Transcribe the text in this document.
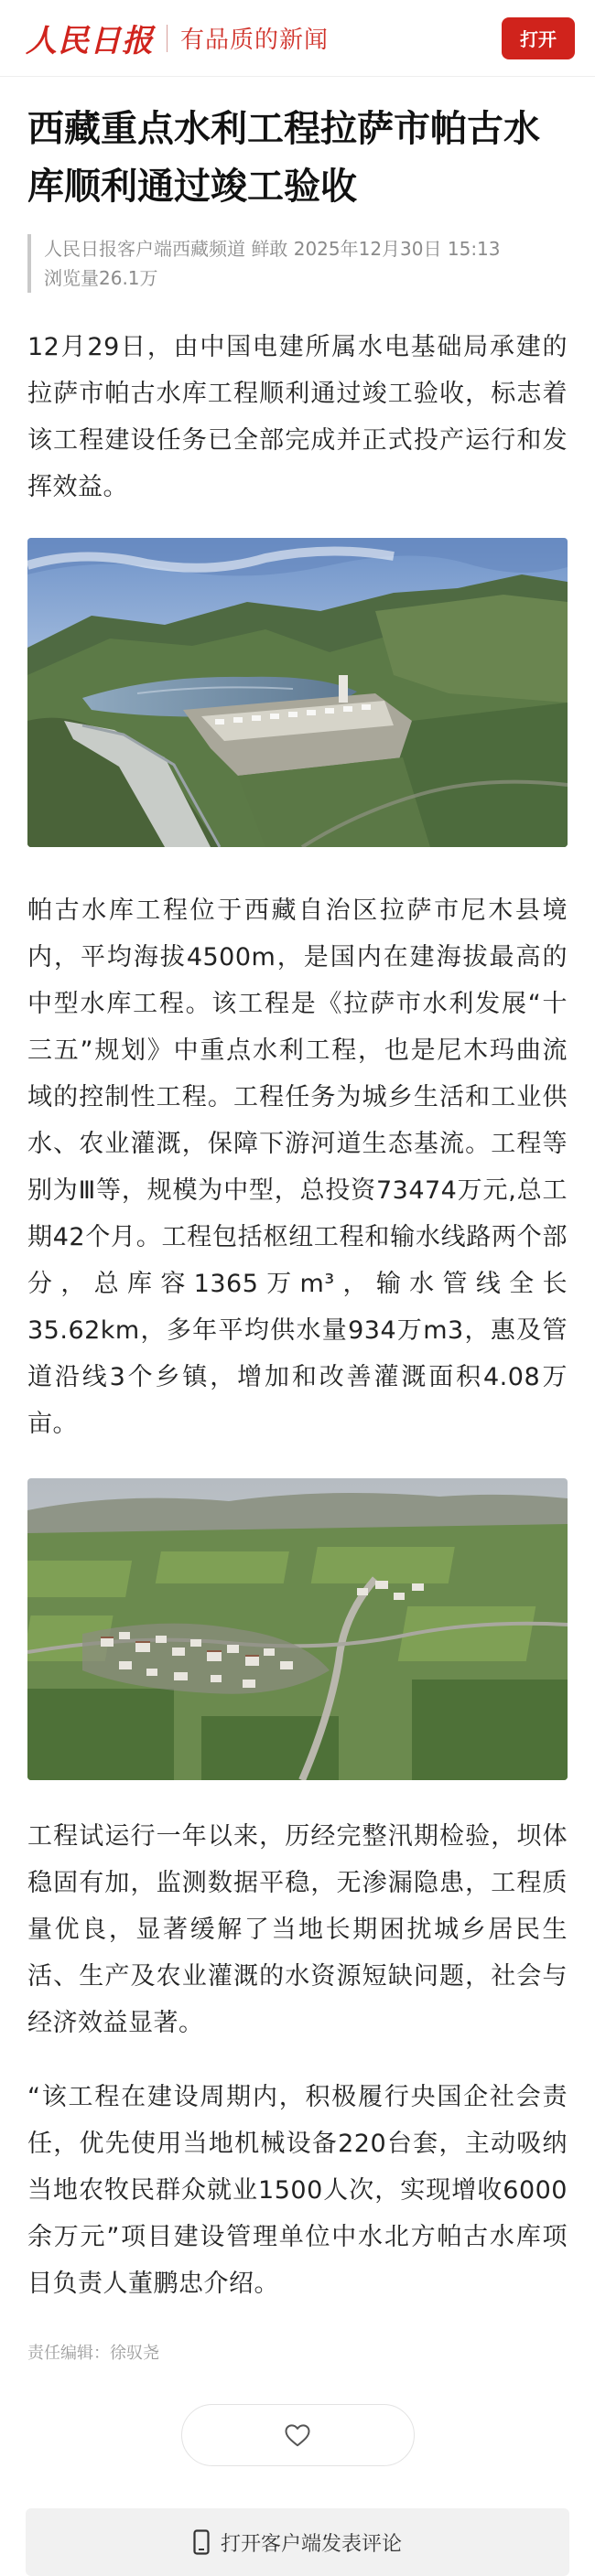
人民日报 有品质的新闻	打开
西藏重点水利工程拉萨市帕古水库顺利通过竣工验收
人民日报客户端西藏频道 鲜敢 2025年12月30日 15:13
浏览量26.1万

12月29日，由中国电建所属水电基础局承建的拉萨市帕古水库工程顺利通过竣工验收，标志着该工程建设任务已全部完成并正式投产运行和发挥效益。

帕古水库工程位于西藏自治区拉萨市尼木县境内，平均海拔4500m，是国内在建海拔最高的中型水库工程。该工程是《拉萨市水利发展“十三五”规划》中重点水利工程，也是尼木玛曲流域的控制性工程。工程任务为城乡生活和工业供水、农业灌溉，保障下游河道生态基流。工程等别为Ⅲ等，规模为中型，总投资73474万元,总工期42个月。工程包括枢纽工程和输水线路两个部分，总库容1365万m³，输水管线全长35.62km，多年平均供水量934万m3，惠及管道沿线3个乡镇，增加和改善灌溉面积4.08万亩。

工程试运行一年以来，历经完整汛期检验，坝体稳固有加，监测数据平稳，无渗漏隐患，工程质量优良，显著缓解了当地长期困扰城乡居民生活、生产及农业灌溉的水资源短缺问题，社会与经济效益显著。

“该工程在建设周期内，积极履行央国企社会责任，优先使用当地机械设备220台套，主动吸纳当地农牧民群众就业1500人次，实现增收6000余万元”项目建设管理单位中水北方帕古水库项目负责人董鹏忠介绍。

责任编辑：徐驭尧
打开客户端发表评论
